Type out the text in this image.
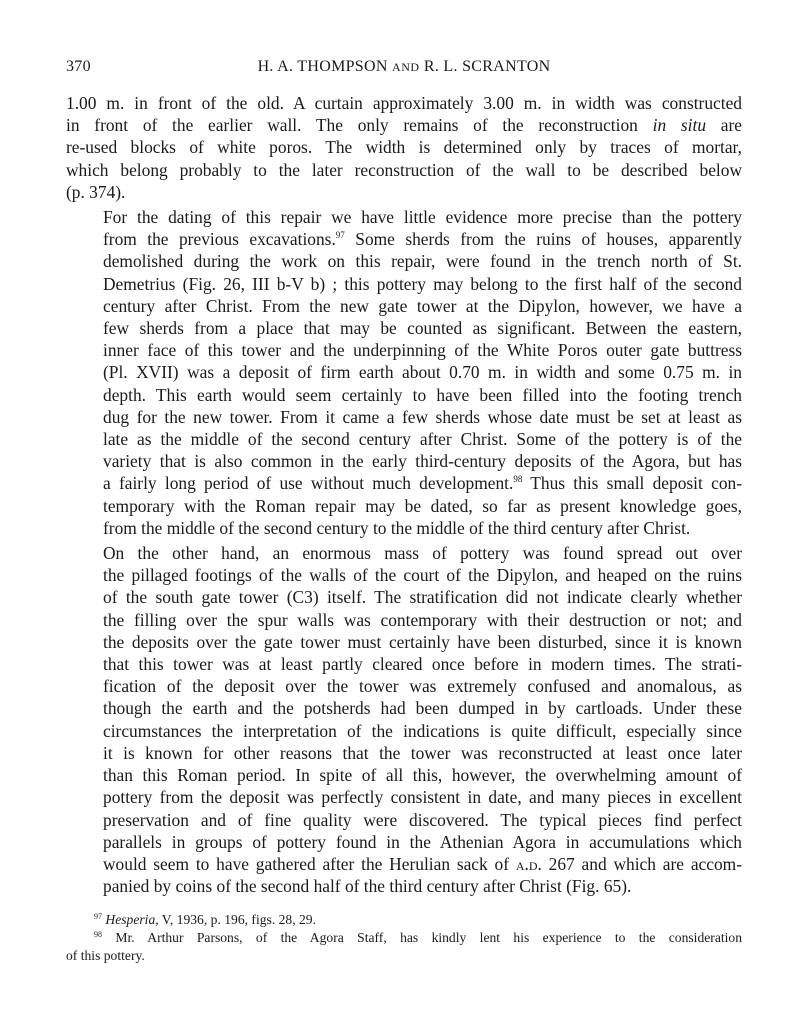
370	H. A. THOMPSON AND R. L. SCRANTON

1.00 m. in front of the old. A curtain approximately 3.00 m. in width was constructed
in front of the earlier wall. The only remains of the reconstruction in situ are
re-used blocks of white poros. The width is determined only by traces of mortar,
which belong probably to the later reconstruction of the wall to be described below
(p. 374).

For the dating of this repair we have little evidence more precise than the pottery
from the previous excavations.$^{97}$ Some sherds from the ruins of houses, apparently
demolished during the work on this repair, were found in the trench north of St.
Demetrius (Fig. 26, III b-V b) ; this pottery may belong to the first half of the second
century after Christ. From the new gate tower at the Dipylon, however, we have a
few sherds from a place that may be counted as significant. Between the eastern,
inner face of this tower and the underpinning of the White Poros outer gate buttress
(Pl. XVII) was a deposit of firm earth about 0.70 m. in width and some 0.75 m. in
depth. This earth would seem certainly to have been filled into the footing trench
dug for the new tower. From it came a few sherds whose date must be set at least as
late as the middle of the second century after Christ. Some of the pottery is of the
variety that is also common in the early third-century deposits of the Agora, but has
a fairly long period of use without much development.$^{98}$ Thus this small deposit con-
temporary with the Roman repair may be dated, so far as present knowledge goes,
from the middle of the second century to the middle of the third century after Christ.

On the other hand, an enormous mass of pottery was found spread out over
the pillaged footings of the walls of the court of the Dipylon, and heaped on the ruins
of the south gate tower (C3) itself. The stratification did not indicate clearly whether
the filling over the spur walls was contemporary with their destruction or not; and
the deposits over the gate tower must certainly have been disturbed, since it is known
that this tower was at least partly cleared once before in modern times. The strati-
fication of the deposit over the tower was extremely confused and anomalous, as
though the earth and the potsherds had been dumped in by cartloads. Under these
circumstances the interpretation of the indications is quite difficult, especially since
it is known for other reasons that the tower was reconstructed at least once later
than this Roman period. In spite of all this, however, the overwhelming amount of
pottery from the deposit was perfectly consistent in date, and many pieces in excellent
preservation and of fine quality were discovered. The typical pieces find perfect
parallels in groups of pottery found in the Athenian Agora in accumulations which
would seem to have gathered after the Herulian sack of a.d. 267 and which are accom-
panied by coins of the second half of the third century after Christ (Fig. 65).

$^{97}$ Hesperia, V, 1936, p. 196, figs. 28, 29.

$^{98}$ Mr. Arthur Parsons, of the Agora Staff, has kindly lent his experience to the consideration
of this pottery.
